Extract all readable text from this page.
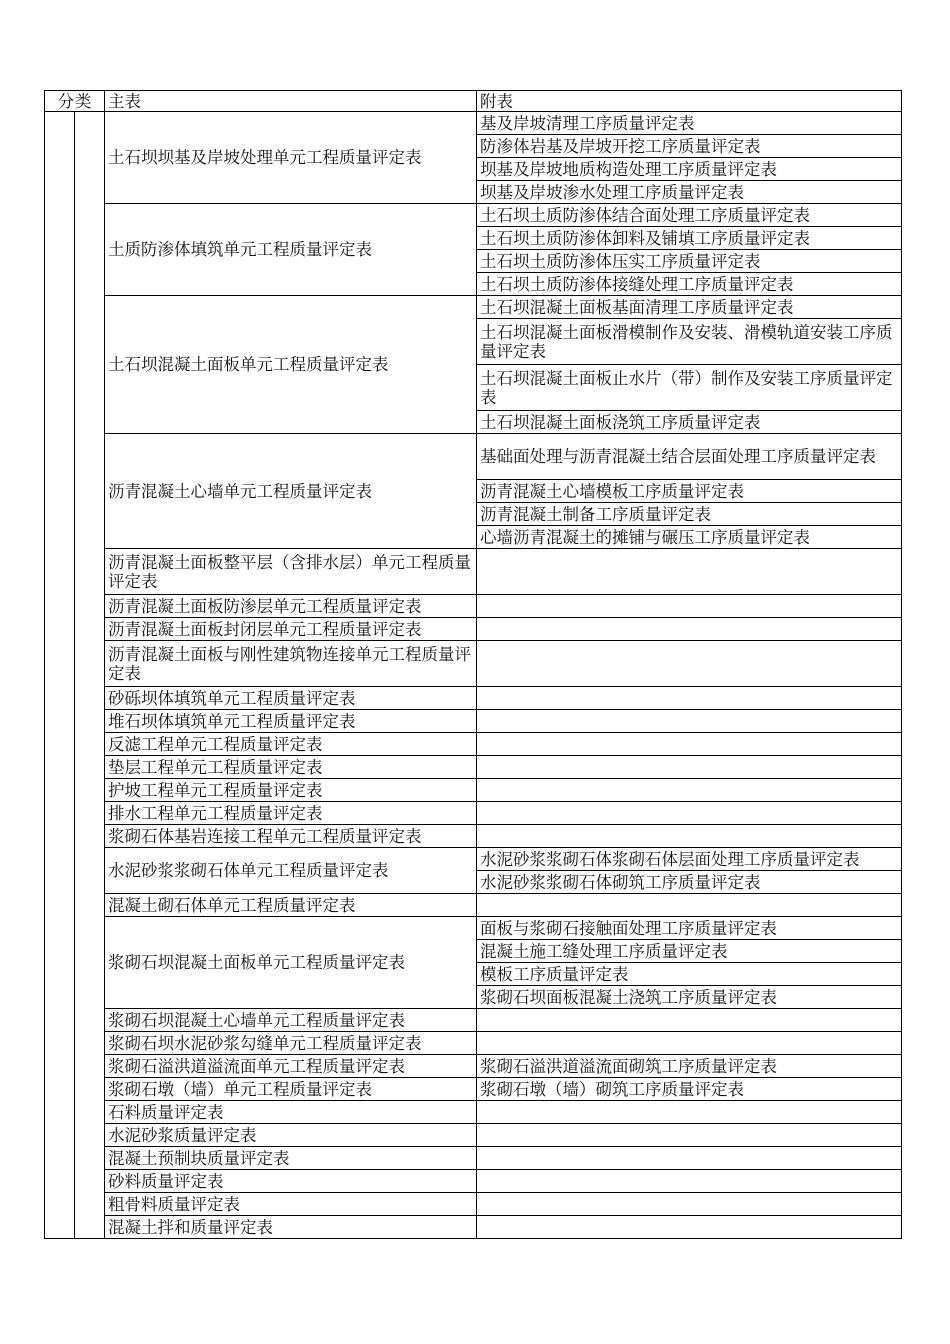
分类		主表	附表
		土石坝坝基及岸坡处理单元工程质量评定表	基及岸坡清理工序质量评定表
			防渗体岩基及岸坡开挖工序质量评定表
			坝基及岸坡地质构造处理工序质量评定表
			坝基及岸坡渗水处理工序质量评定表
		土质防渗体填筑单元工程质量评定表	土石坝土质防渗体结合面处理工序质量评定表
			土石坝土质防渗体卸料及铺填工序质量评定表
			土石坝土质防渗体压实工序质量评定表
			土石坝土质防渗体接缝处理工序质量评定表
		土石坝混凝土面板单元工程质量评定表	土石坝混凝土面板基面清理工序质量评定表
			土石坝混凝土面板滑模制作及安装、滑模轨道安装工序质量评定表
			土石坝混凝土面板止水片（带）制作及安装工序质量评定表
			土石坝混凝土面板浇筑工序质量评定表
		沥青混凝土心墙单元工程质量评定表	基础面处理与沥青混凝土结合层面处理工序质量评定表
			沥青混凝土心墙模板工序质量评定表
			沥青混凝土制备工序质量评定表
			心墙沥青混凝土的摊铺与碾压工序质量评定表
		沥青混凝土面板整平层（含排水层）单元工程质量评定表	
		沥青混凝土面板防渗层单元工程质量评定表	
		沥青混凝土面板封闭层单元工程质量评定表	
		沥青混凝土面板与刚性建筑物连接单元工程质量评定表	
		砂砾坝体填筑单元工程质量评定表	
		堆石坝体填筑单元工程质量评定表	
		反滤工程单元工程质量评定表	
		垫层工程单元工程质量评定表	
		护坡工程单元工程质量评定表	
		排水工程单元工程质量评定表	
		浆砌石体基岩连接工程单元工程质量评定表	
		水泥砂浆浆砌石体单元工程质量评定表	水泥砂浆浆砌石体浆砌石体层面处理工序质量评定表
			水泥砂浆浆砌石体砌筑工序质量评定表
		混凝土砌石体单元工程质量评定表	
		浆砌石坝混凝土面板单元工程质量评定表	面板与浆砌石接触面处理工序质量评定表
			混凝土施工缝处理工序质量评定表
			模板工序质量评定表
			浆砌石坝面板混凝土浇筑工序质量评定表
		浆砌石坝混凝土心墙单元工程质量评定表	
		浆砌石坝水泥砂浆勾缝单元工程质量评定表	
		浆砌石溢洪道溢流面单元工程质量评定表	浆砌石溢洪道溢流面砌筑工序质量评定表
		浆砌石墩（墙）单元工程质量评定表	浆砌石墩（墙）砌筑工序质量评定表
		石料质量评定表	
		水泥砂浆质量评定表	
		混凝土预制块质量评定表	
		砂料质量评定表	
		粗骨料质量评定表	
		混凝土拌和质量评定表	
